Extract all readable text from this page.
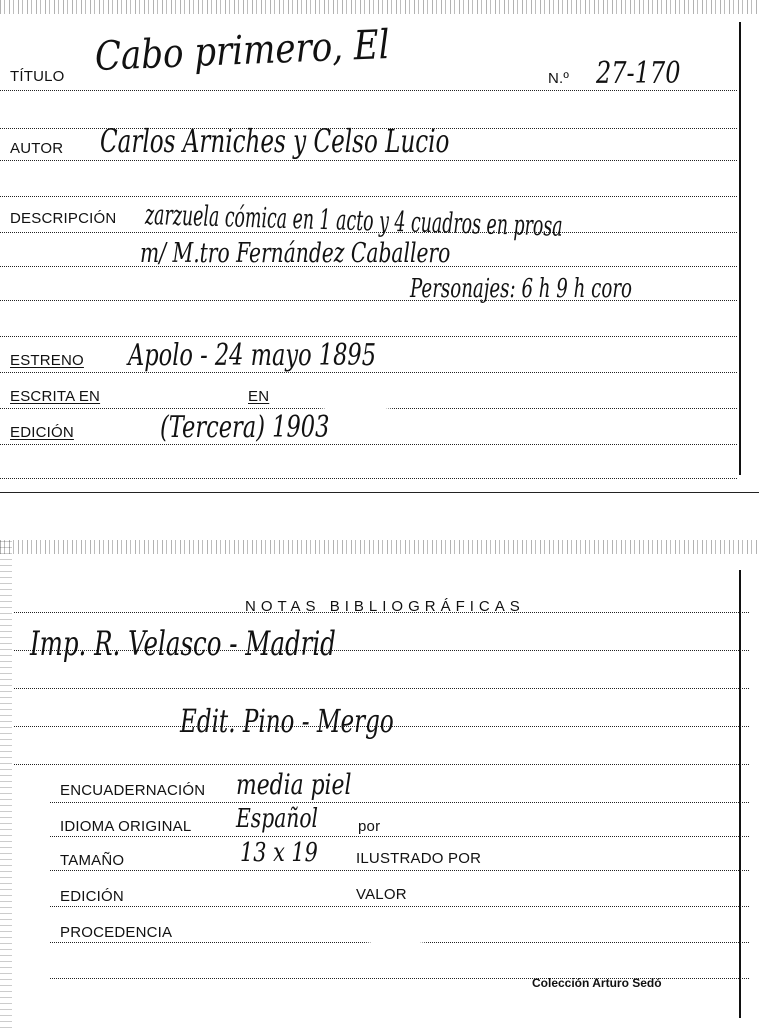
TÍTULO Cabo primero, El	N.º 27-170
AUTOR Carlos Arniches y Celso Lucio
DESCRIPCIÓN zarzuela cómica en 1 acto y 4 cuadros en prosa
m/ M.tro Fernández Caballero
Personajes: 6 h 9 h coro
ESTRENO Apolo - 24 mayo 1895
ESCRITA EN	EN
EDICIÓN	(Tercera) 1903
NOTAS BIBLIOGRÁFICAS
Imp. R. Velasco - Madrid
Edit. Pino - Mergo
ENCUADERNACIÓN media piel
IDIOMA ORIGINAL Español	por
TAMAÑO	13 x 19	ILUSTRADO POR
EDICIÓN	VALOR
PROCEDENCIA
Colección Arturo Sedó
